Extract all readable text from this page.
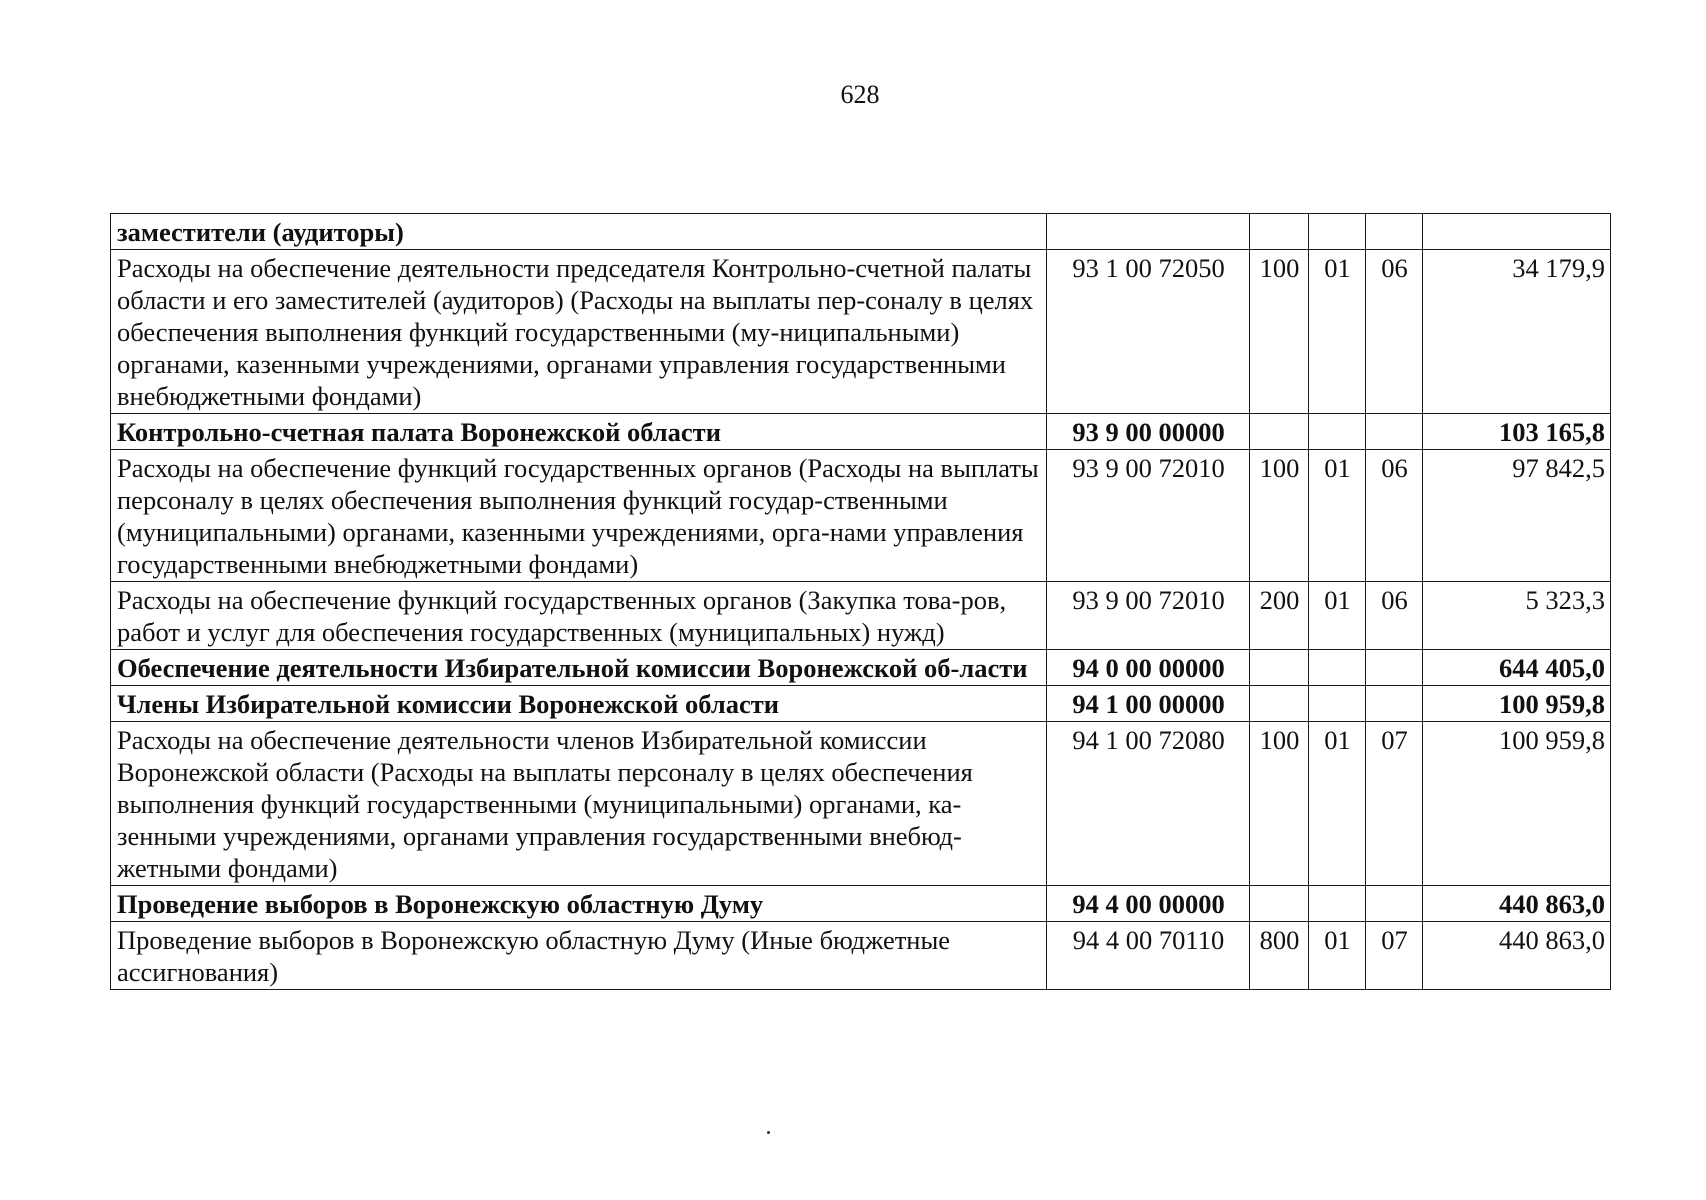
628
заместители (аудиторы)					
Расходы на обеспечение деятельности председателя Контрольно-счетной палаты области и его заместителей (аудиторов) (Расходы на выплаты пер-соналу в целях обеспечения выполнения функций государственными (му-ниципальными) органами, казенными учреждениями, органами управления государственными внебюджетными фондами)	93 1 00 72050	100	01	06	34 179,9
Контрольно-счетная палата Воронежской области	93 9 00 00000				103 165,8
Расходы на обеспечение функций государственных органов (Расходы на выплаты персоналу в целях обеспечения выполнения функций государ-ственными (муниципальными) органами, казенными учреждениями, орга-нами управления государственными внебюджетными фондами)	93 9 00 72010	100	01	06	97 842,5
Расходы на обеспечение функций государственных органов (Закупка това-ров, работ и услуг для обеспечения государственных (муниципальных) нужд)	93 9 00 72010	200	01	06	5 323,3
Обеспечение деятельности Избирательной комиссии Воронежской об-ласти	94 0 00 00000				644 405,0
Члены Избирательной комиссии Воронежской области	94 1 00 00000				100 959,8
Расходы на обеспечение деятельности членов Избирательной комиссии Воронежской области (Расходы на выплаты персоналу в целях обеспечения выполнения функций государственными (муниципальными) органами, ка-зенными учреждениями, органами управления государственными внебюд-жетными фондами)	94 1 00 72080	100	01	07	100 959,8
Проведение выборов в Воронежскую областную Думу	94 4 00 00000				440 863,0
Проведение выборов в Воронежскую областную Думу (Иные бюджетные ассигнования)	94 4 00 70110	800	01	07	440 863,0
